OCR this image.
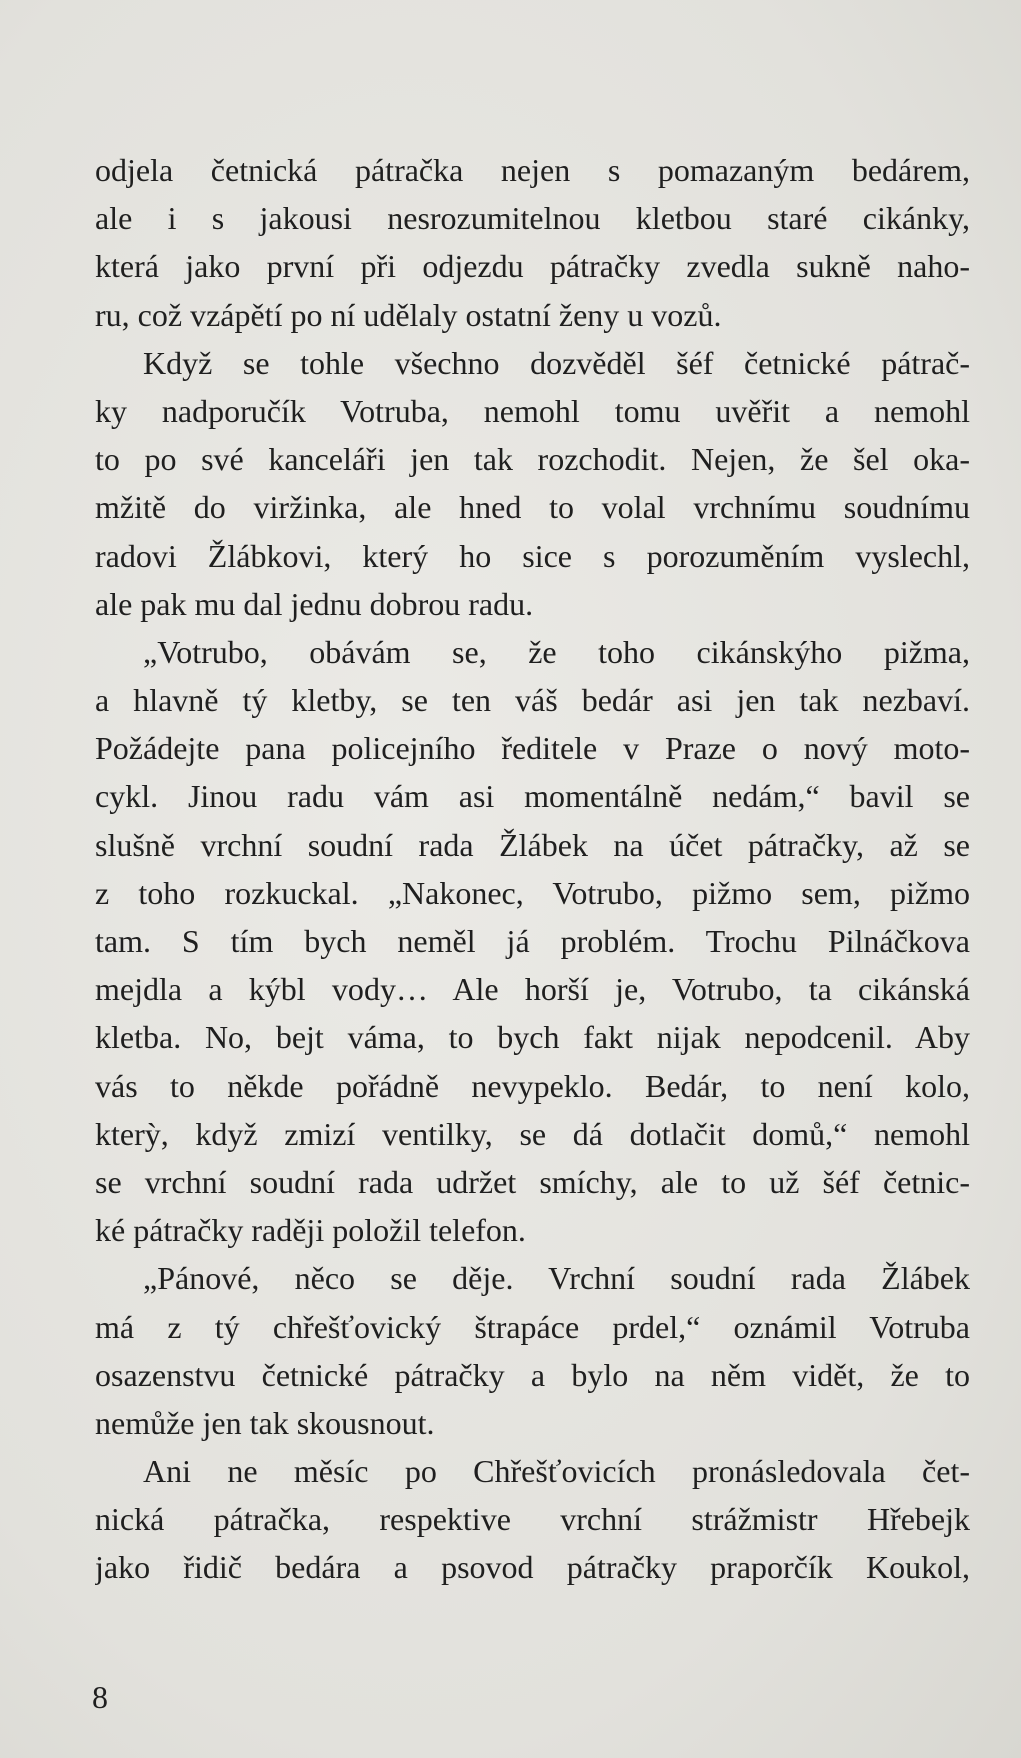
odjela četnická pátračka nejen s pomazaným bedárem,
ale i s jakousi nesrozumitelnou kletbou staré cikánky,
která jako první při odjezdu pátračky zvedla sukně naho-
ru, což vzápětí po ní udělaly ostatní ženy u vozů.
Když se tohle všechno dozvěděl šéf četnické pátrač-
ky nadporučík Votruba, nemohl tomu uvěřit a nemohl
to po své kanceláři jen tak rozchodit. Nejen, že šel oka-
mžitě do viržinka, ale hned to volal vrchnímu soudnímu
radovi Žlábkovi, který ho sice s porozuměním vyslechl,
ale pak mu dal jednu dobrou radu.
„Votrubo, obávám se, že toho cikánskýho pižma,
a hlavně tý kletby, se ten váš bedár asi jen tak nezbaví.
Požádejte pana policejního ředitele v Praze o nový moto-
cykl. Jinou radu vám asi momentálně nedám,“ bavil se
slušně vrchní soudní rada Žlábek na účet pátračky, až se
z toho rozkuckal. „Nakonec, Votrubo, pižmo sem, pižmo
tam. S tím bych neměl já problém. Trochu Pilnáčkova
mejdla a kýbl vody… Ale horší je, Votrubo, ta cikánská
kletba. No, bejt váma, to bych fakt nijak nepodcenil. Aby
vás to někde pořádně nevypeklo. Bedár, to není kolo,
kterỳ, když zmizí ventilky, se dá dotlačit domů,“ nemohl
se vrchní soudní rada udržet smíchy, ale to už šéf četnic-
ké pátračky raději položil telefon.
„Pánové, něco se děje. Vrchní soudní rada Žlábek
má z tý chřešťovický štrapáce prdel,“ oznámil Votruba
osazenstvu četnické pátračky a bylo na něm vidět, že to
nemůže jen tak skousnout.
Ani ne měsíc po Chřešťovicích pronásledovala čet-
nická pátračka, respektive vrchní strážmistr Hřebejk
jako řidič bedára a psovod pátračky praporčík Koukol,
8
